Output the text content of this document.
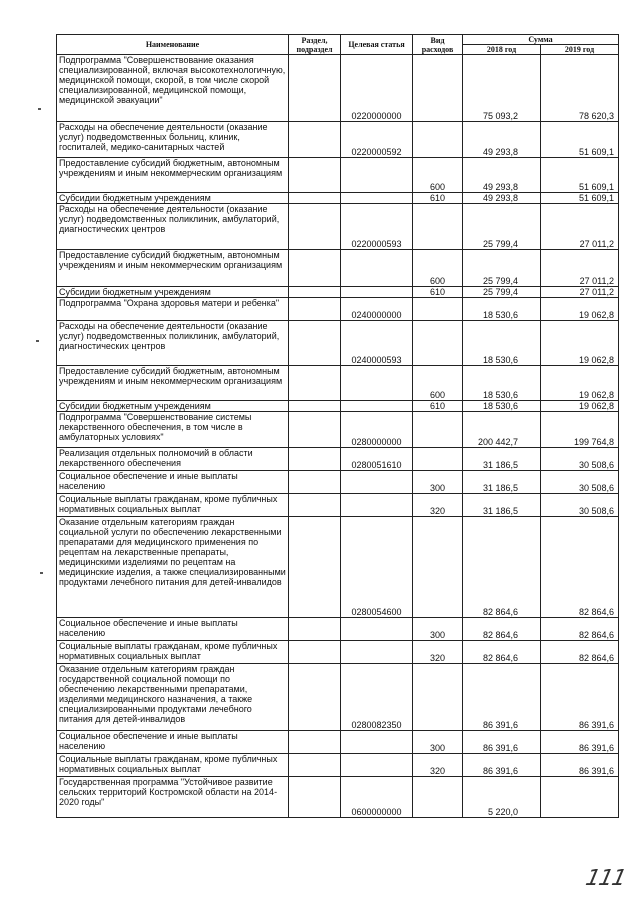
Наименование	Раздел, подраздел	Целевая статья	Вид расходов	Сумма	
				2018 год	2019 год
Подпрограмма "Совершенствование оказания специализированной, включая высокотехнологичную, медицинской помощи, скорой, в том числе скорой специализированной, медицинской помощи, медицинской эвакуации"		0220000000		75 093,2	78 620,3
Расходы на обеспечение деятельности (оказание услуг) подведомственных больниц, клиник, госпиталей, медико-санитарных частей		0220000592		49 293,8	51 609,1
Предоставление субсидий бюджетным, автономным учреждениям и иным некоммерческим организациям			600	49 293,8	51 609,1
Субсидии бюджетным учреждениям			610	49 293,8	51 609,1
Расходы на обеспечение деятельности (оказание услуг) подведомственных поликлиник, амбулаторий, диагностических центров		0220000593		25 799,4	27 011,2
Предоставление субсидий бюджетным, автономным учреждениям и иным некоммерческим организациям			600	25 799,4	27 011,2
Субсидии бюджетным учреждениям			610	25 799,4	27 011,2
Подпрограмма "Охрана здоровья матери и ребенка"		0240000000		18 530,6	19 062,8
Расходы на обеспечение деятельности (оказание услуг) подведомственных поликлиник, амбулаторий, диагностических центров		0240000593		18 530,6	19 062,8
Предоставление субсидий бюджетным, автономным учреждениям и иным некоммерческим организациям			600	18 530,6	19 062,8
Субсидии бюджетным учреждениям			610	18 530,6	19 062,8
Подпрограмма "Совершенствование системы лекарственного обеспечения, в том числе в амбулаторных условиях"		0280000000		200 442,7	199 764,8
Реализация отдельных полномочий в области лекарственного обеспечения		0280051610		31 186,5	30 508,6
Социальное обеспечение и иные выплаты населению			300	31 186,5	30 508,6
Социальные выплаты гражданам, кроме публичных нормативных социальных выплат			320	31 186,5	30 508,6
Оказание отдельным категориям граждан социальной услуги по обеспечению лекарственными препаратами для медицинского применения по рецептам на лекарственные препараты, медицинскими изделиями по рецептам на медицинские изделия, а также специализированными продуктами лечебного питания для детей-инвалидов		0280054600		82 864,6	82 864,6
Социальное обеспечение и иные выплаты населению			300	82 864,6	82 864,6
Социальные выплаты гражданам, кроме публичных нормативных социальных выплат			320	82 864,6	82 864,6
Оказание отдельным категориям граждан государственной социальной помощи по обеспечению лекарственными препаратами, изделиями медицинского назначения, а также специализированными продуктами лечебного питания для детей-инвалидов		0280082350		86 391,6	86 391,6
Социальное обеспечение и иные выплаты населению			300	86 391,6	86 391,6
Социальные выплаты гражданам, кроме публичных нормативных социальных выплат			320	86 391,6	86 391,6
Государственная программа "Устойчивое развитие сельских территорий Костромской области на 2014-2020 годы"		0600000000		5 220,0	
111
